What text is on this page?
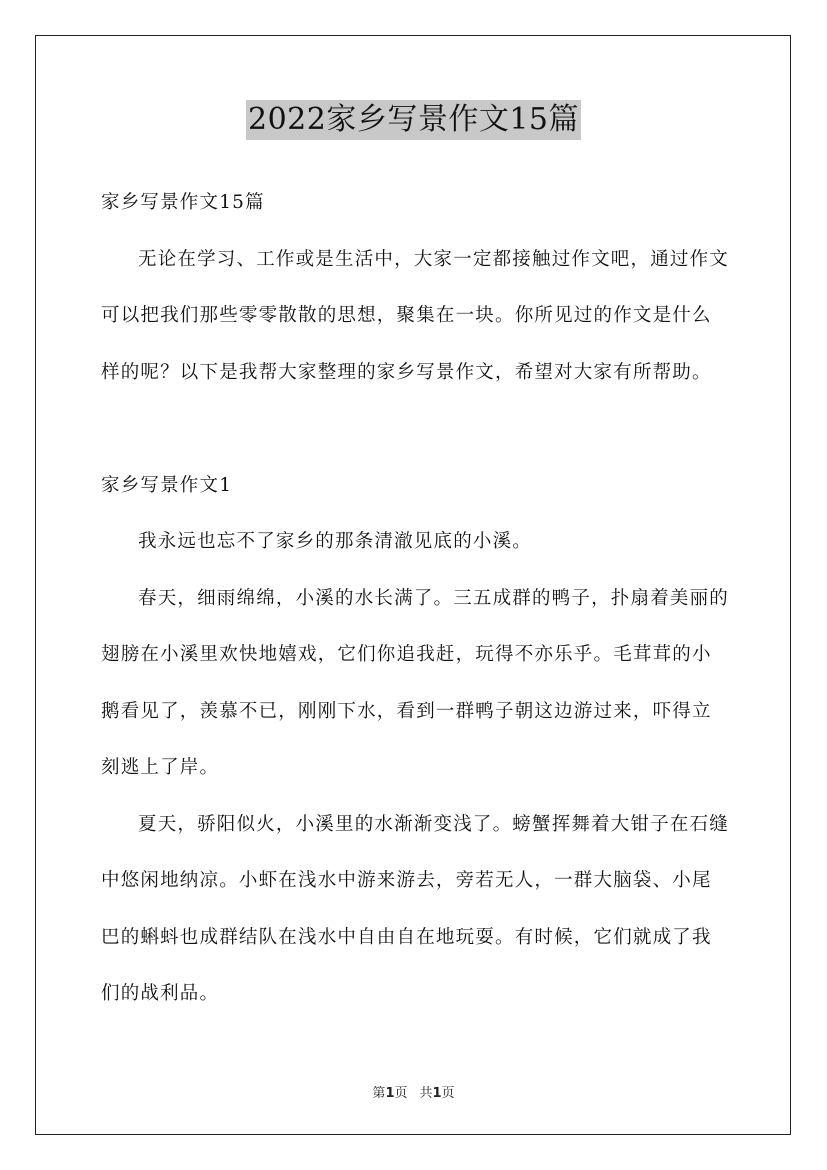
2022家乡写景作文15篇

家乡写景作文15篇

无论在学习、工作或是生活中，大家一定都接触过作文吧，通过作文可以把我们那些零零散散的思想，聚集在一块。你所见过的作文是什么样的呢？以下是我帮大家整理的家乡写景作文，希望对大家有所帮助。

家乡写景作文1

我永远也忘不了家乡的那条清澈见底的小溪。

春天，细雨绵绵，小溪的水长满了。三五成群的鸭子，扑扇着美丽的翅膀在小溪里欢快地嬉戏，它们你追我赶，玩得不亦乐乎。毛茸茸的小鹅看见了，羡慕不已，刚刚下水，看到一群鸭子朝这边游过来，吓得立刻逃上了岸。

夏天，骄阳似火，小溪里的水渐渐变浅了。螃蟹挥舞着大钳子在石缝中悠闲地纳凉。小虾在浅水中游来游去，旁若无人，一群大脑袋、小尾巴的蝌蚪也成群结队在浅水中自由自在地玩耍。有时候，它们就成了我们的战利品。

第1页 共1页
